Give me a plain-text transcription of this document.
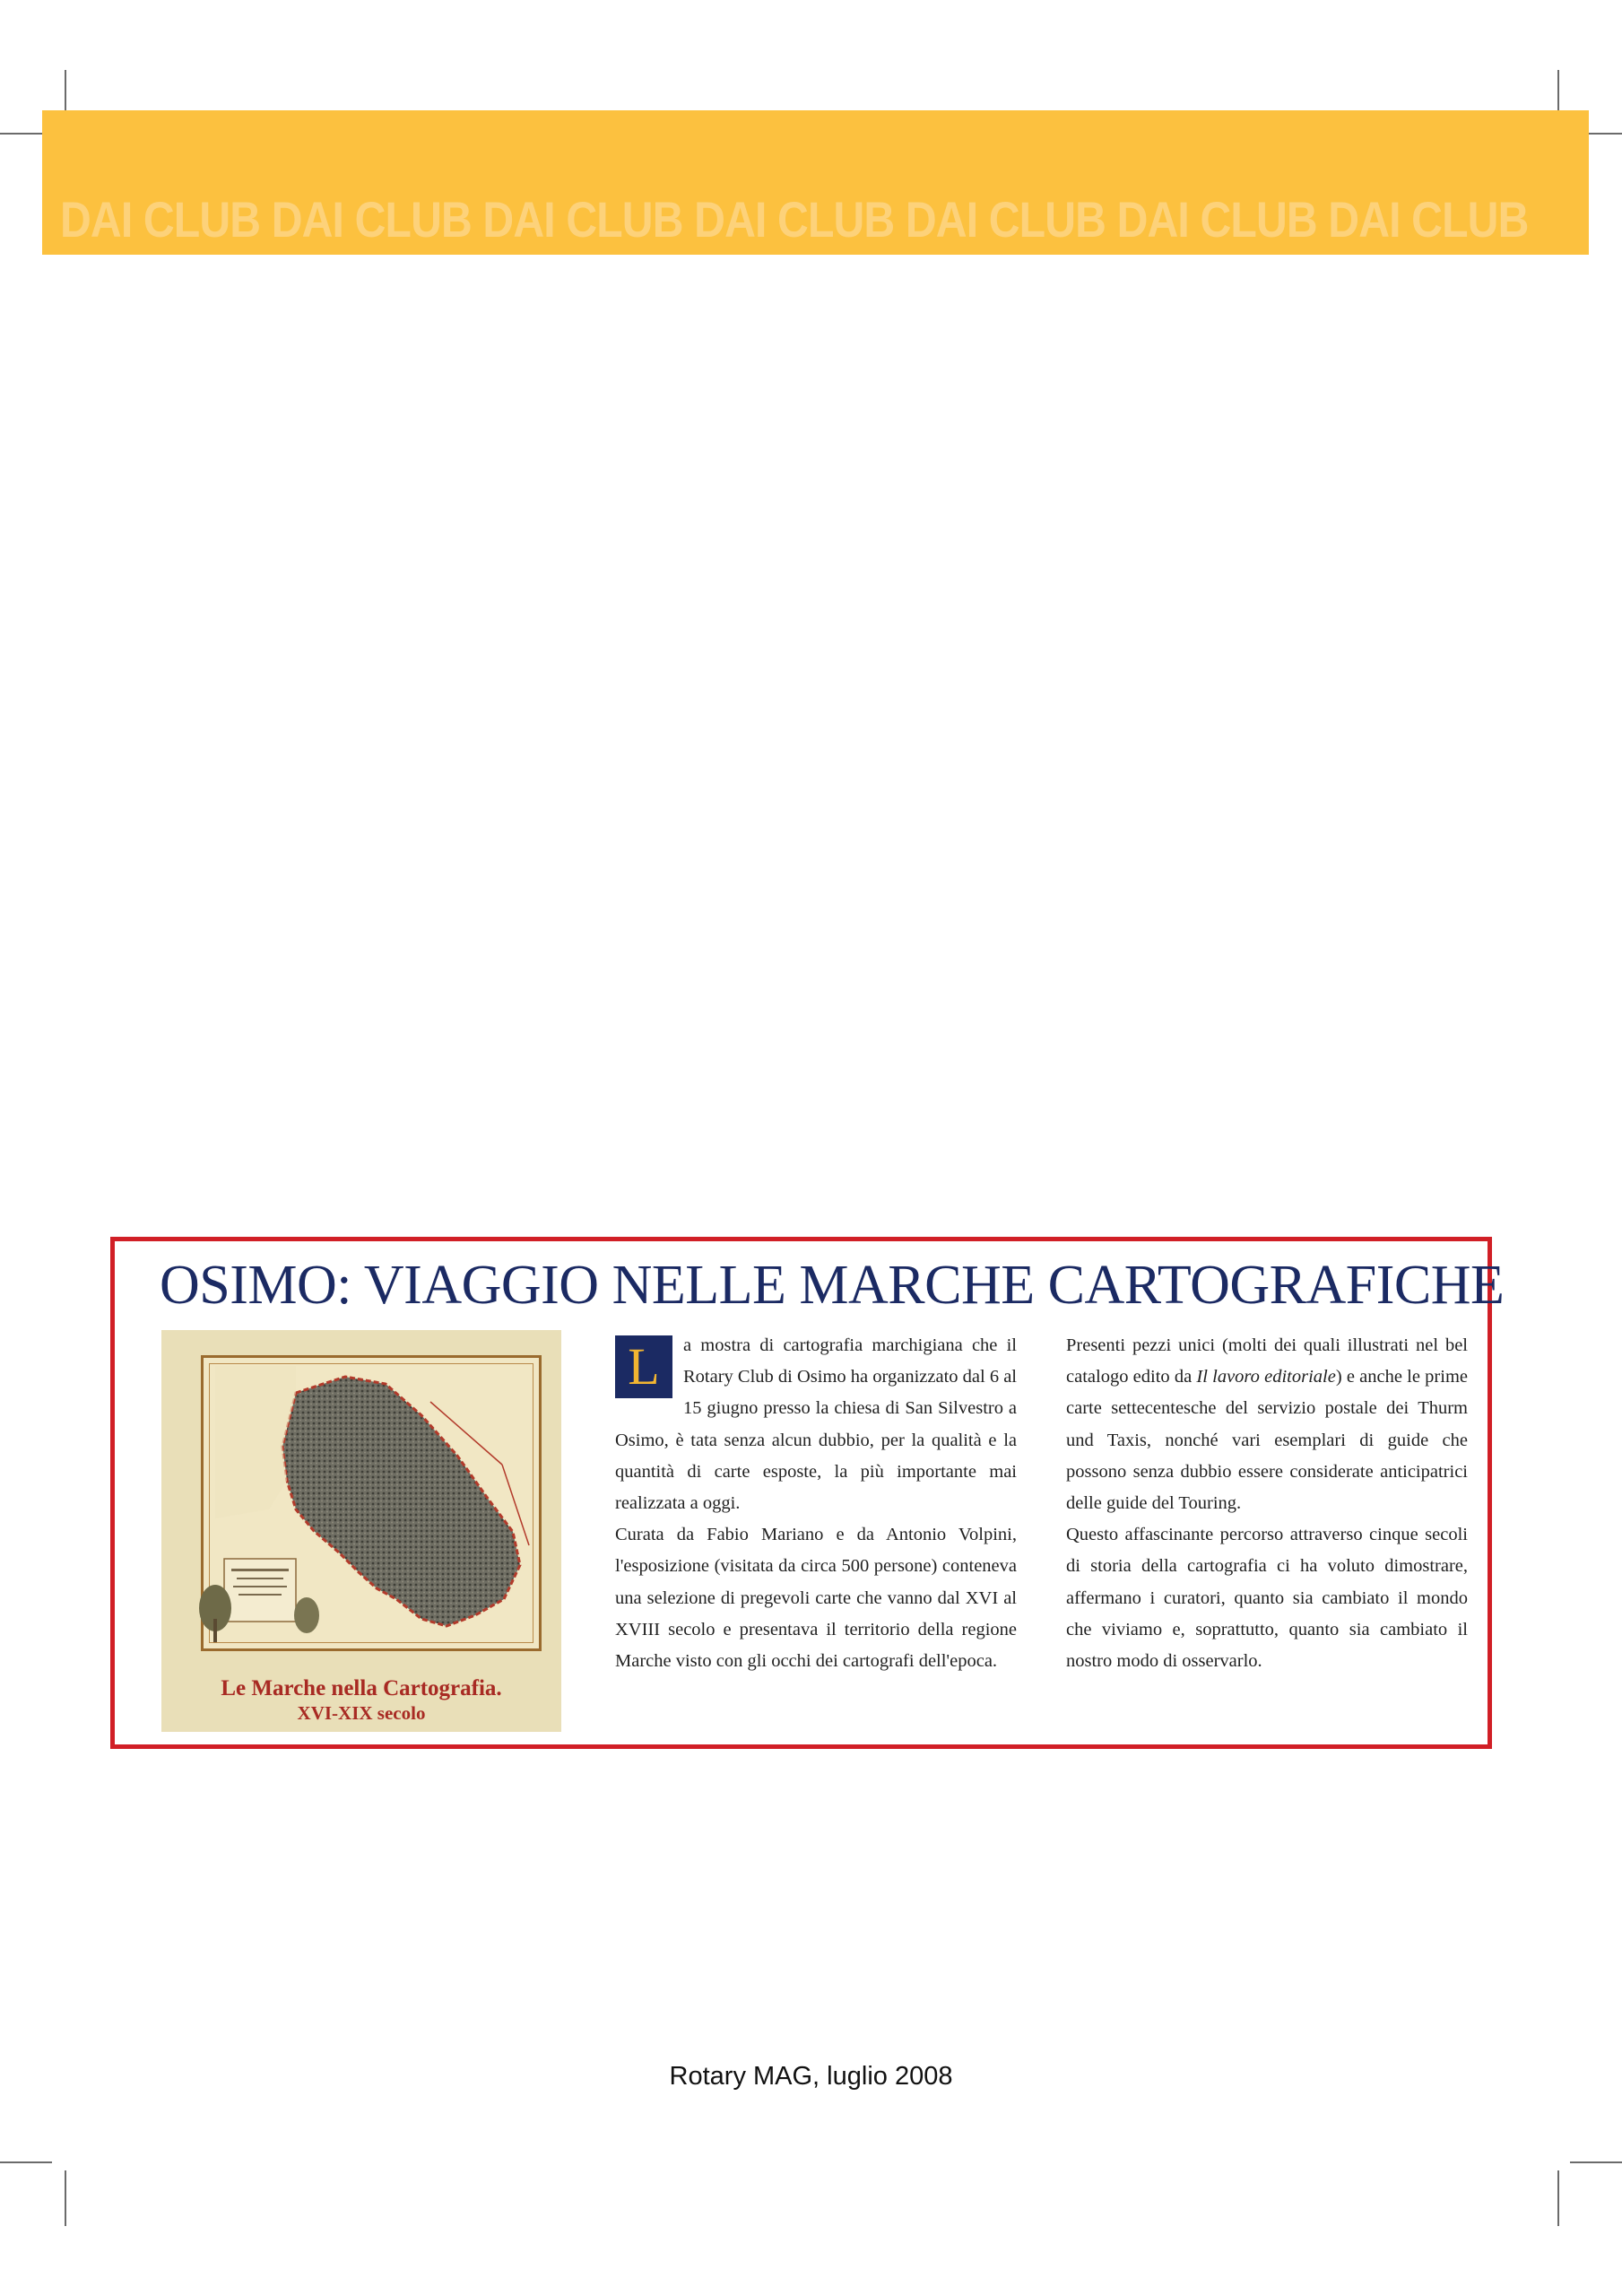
DAI CLUB DAI CLUB DAI CLUB DAI CLUB DAI CLUB DAI CLUB DAI CLUB
OSIMO: VIAGGIO NELLE MARCHE CARTOGRAFICHE
Le Marche nella Cartografia.
XVI-XIX secolo

L	a mostra di cartografia marchigiana che il Rotary Club di Osimo ha organizzato dal 6 al 15 giugno presso la chiesa di San Silvestro a Osimo, è tata senza alcun dubbio, per la qualità e la quantità di carte esposte, la più importante mai realizzata a oggi.

Curata da Fabio Mariano e da Antonio Volpini, l'esposizione (visitata da circa 500 persone) conteneva una selezione di pregevoli carte che vanno dal XVI al XVIII secolo e presentava il territorio della regione Marche visto con gli occhi dei cartografi dell'epoca.

Presenti pezzi unici (molti dei quali illustrati nel bel catalogo edito da Il lavoro editoriale) e anche le prime carte settecentesche del servizio postale dei Thurm und Taxis, nonché vari esemplari di guide che possono senza dubbio essere considerate anticipatrici delle guide del Touring.

Questo affascinante percorso attraverso cinque secoli di storia della cartografia ci ha voluto dimostrare, affermano i curatori, quanto sia cambiato il mondo che viviamo e, soprattutto, quanto sia cambiato il nostro modo di osservarlo.

Rotary MAG, luglio 2008
